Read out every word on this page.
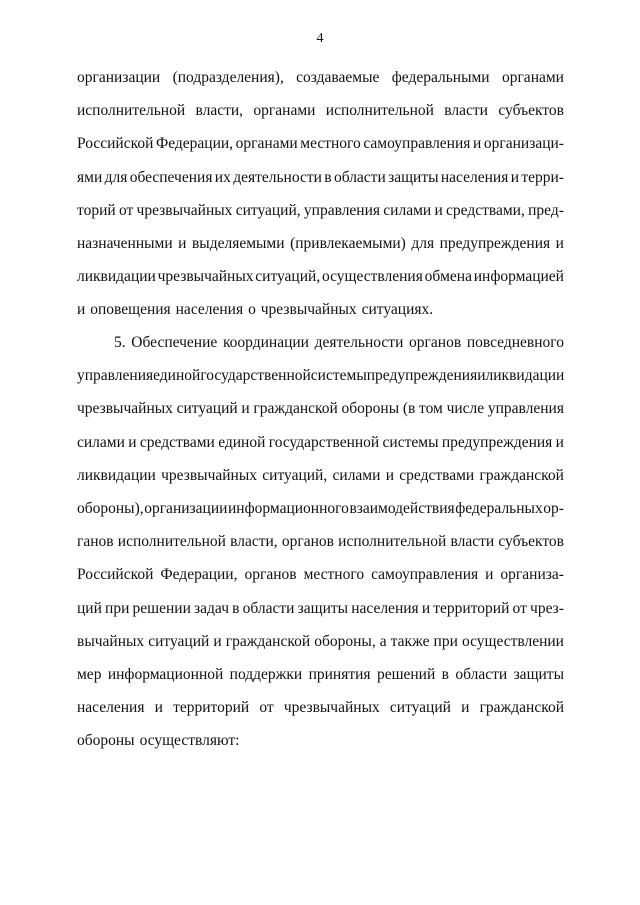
4
организации (подразделения), создаваемые федеральными органами
исполнительной власти, органами исполнительной власти субъектов
Российской Федерации, органами местного самоуправления и организаци-
ями для обеспечения их деятельности в области защиты населения и терри-
торий от чрезвычайных ситуаций, управления силами и средствами, пред-
назначенными и выделяемыми (привлекаемыми) для предупреждения и
ликвидации чрезвычайных ситуаций, осуществления обмена информацией
и оповещения населения о чрезвычайных ситуациях.
5. Обеспечение координации деятельности органов повседневного
управления единой государственной системы предупреждения и ликвидации
чрезвычайных ситуаций и гражданской обороны (в том числе управления
силами и средствами единой государственной системы предупреждения и
ликвидации чрезвычайных ситуаций, силами и средствами гражданской
обороны), организации информационного взаимодействия федеральных ор-
ганов исполнительной власти, органов исполнительной власти субъектов
Российской Федерации, органов местного самоуправления и организа-
ций при решении задач в области защиты населения и территорий от чрез-
вычайных ситуаций и гражданской обороны, а также при осуществлении
мер информационной поддержки принятия решений в области защиты
населения и территорий от чрезвычайных ситуаций и гражданской
обороны осуществляют:
